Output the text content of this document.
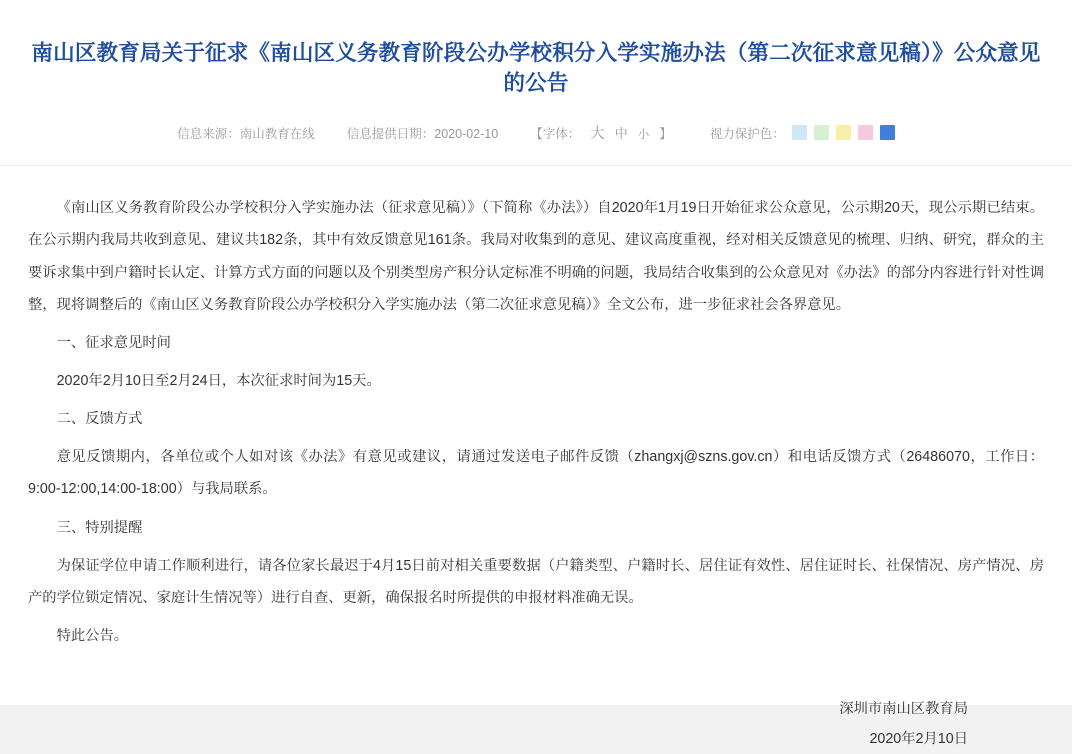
南山区教育局关于征求《南山区义务教育阶段公办学校积分入学实施办法（第二次征求意见稿）》公众意见的公告
信息来源：南山教育在线	信息提供日期：2020-02-10	【字体： 大 中 小 】	视力保护色：

《南山区义务教育阶段公办学校积分入学实施办法（征求意见稿）》（下简称《办法》）自2020年1月19日开始征求公众意见，公示期20天，现公示期已结束。在公示期内我局共收到意见、建议共182条，其中有效反馈意见161条。我局对收集到的意见、建议高度重视，经对相关反馈意见的梳理、归纳、研究，群众的主要诉求集中到户籍时长认定、计算方式方面的问题以及个别类型房产积分认定标准不明确的问题，我局结合收集到的公众意见对《办法》的部分内容进行针对性调整，现将调整后的《南山区义务教育阶段公办学校积分入学实施办法（第二次征求意见稿）》全文公布，进一步征求社会各界意见。

一、征求意见时间

2020年2月10日至2月24日，本次征求时间为15天。

二、反馈方式

意见反馈期内，各单位或个人如对该《办法》有意见或建议，请通过发送电子邮件反馈（zhangxj@szns.gov.cn）和电话反馈方式（26486070，工作日：9:00-12:00,14:00-18:00）与我局联系。

三、特别提醒

为保证学位申请工作顺利进行，请各位家长最迟于4月15日前对相关重要数据（户籍类型、户籍时长、居住证有效性、居住证时长、社保情况、房产情况、房产的学位锁定情况、家庭计生情况等）进行自查、更新，确保报名时所提供的申报材料准确无误。

特此公告。

深圳市南山区教育局
2020年2月10日
